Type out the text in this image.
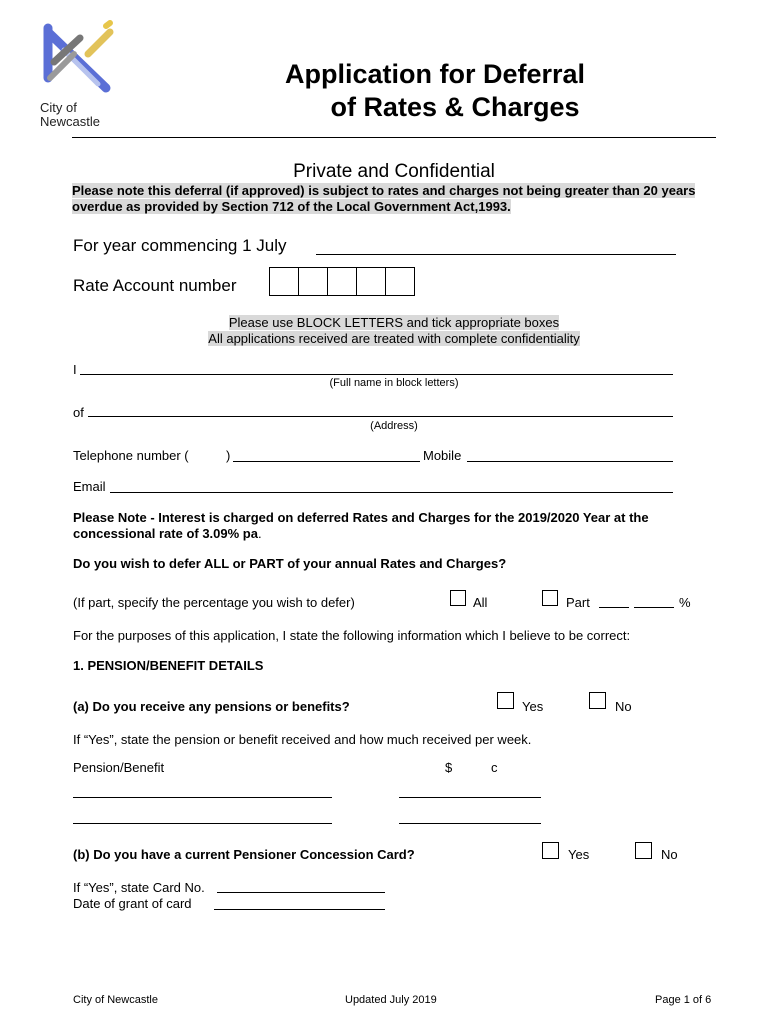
City of
Newcastle
Application for Deferral
of Rates & Charges
Private and Confidential
Please note this deferral (if approved) is subject to rates and charges not being greater than 20 years overdue as provided by Section 712 of the Local Government Act,1993.
For year commencing 1 July
Rate Account number
Please use BLOCK LETTERS and tick appropriate boxes
All applications received are treated with complete confidentiality
I
(Full name in block letters)
of
(Address)
Telephone number (	)	Mobile
Email
Please Note - Interest is charged on deferred Rates and Charges for the 2019/2020 Year at the concessional rate of 3.09% pa.
Do you wish to defer ALL or PART of your annual Rates and Charges?
(If part, specify the percentage you wish to defer)	All	Part	%
For the purposes of this application, I state the following information which I believe to be correct:
1. PENSION/BENEFIT DETAILS
(a) Do you receive any pensions or benefits?	Yes	No
If “Yes”, state the pension or benefit received and how much received per week.
Pension/Benefit	$	c
(b) Do you have a current Pensioner Concession Card?	Yes	No
If “Yes”, state Card No.
Date of grant of card
City of Newcastle	Updated July 2019	Page 1 of 6
